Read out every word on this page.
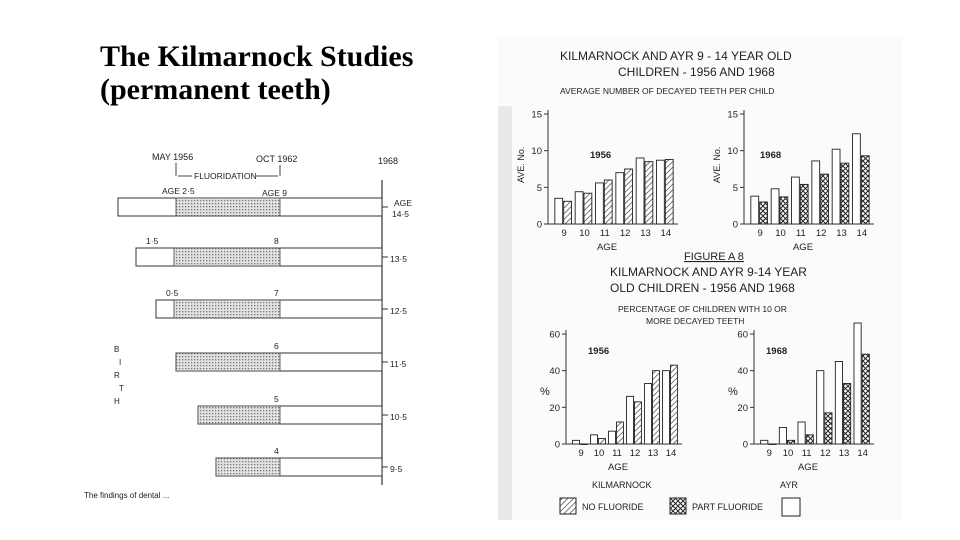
The Kilmarnock Studies
(permanent teeth)
MAY 1956	OCT 1962	1968
FLUORIDATION
AGE 2·5	AGE 9
AGE
14·5
1·5	8
13·5
0·5	7
12·5
6
11·5
5
10·5
4
9·5
B
I
R
T
H
The findings of dental ...
KILMARNOCK AND AYR 9 - 14 YEAR OLD
CHILDREN - 1956 AND 1968
AVERAGE NUMBER OF DECAYED TEETH PER CHILD
FIGURE A 8
KILMARNOCK AND AYR 9-14 YEAR
OLD CHILDREN - 1956 AND 1968
PERCENTAGE OF CHILDREN WITH 10 OR
MORE DECAYED TEETH
0
5
10
15
AVE. No.	1956
9 10 11 12 13 14
AGE
0
5
10
15
AVE. No.	1968
9 10 11 12 13 14
AGE
0
20
40
60
%
1956
9 10 11 12 13 14
AGE
0
20
40
60
%
1968
9 10 11 12 13 14
AGE
KILMARNOCK	AYR
NO FLUORIDE	PART FLUORIDE
